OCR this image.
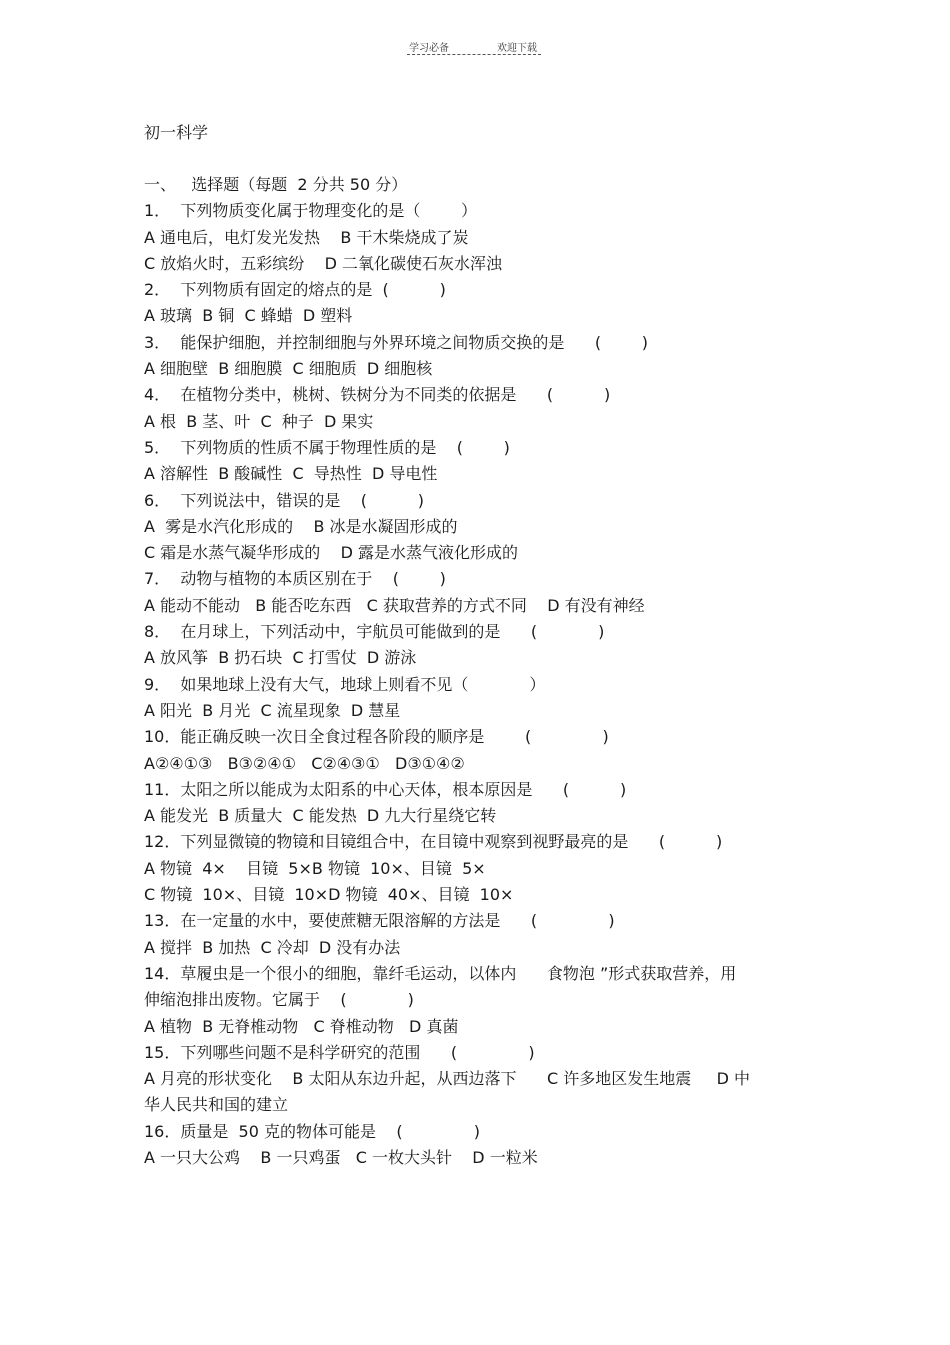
学习必备	欢迎下载
初一科学
一、   选择题（每题  2 分共 50 分）
1．  下列物质变化属于物理变化的是（        ）
A 通电后，电灯发光发热    B 干木柴烧成了炭
C 放焰火时，五彩缤纷    D 二氧化碳使石灰水浑浊
2．  下列物质有固定的熔点的是  (          )
A 玻璃  B 铜  C 蜂蜡  D 塑料
3．  能保护细胞，并控制细胞与外界环境之间物质交换的是      (        )
A 细胞壁  B 细胞膜  C 细胞质  D 细胞核
4．  在植物分类中，桃树、铁树分为不同类的依据是      (          )
A 根  B 茎、叶  C  种子  D 果实
5．  下列物质的性质不属于物理性质的是    (        )
A 溶解性  B 酸碱性  C  导热性  D 导电性
6．  下列说法中，错误的是    (          )
A  雾是水汽化形成的    B 冰是水凝固形成的
C 霜是水蒸气凝华形成的    D 露是水蒸气液化形成的
7．  动物与植物的本质区别在于    (        )
A 能动不能动   B 能否吃东西   C 获取营养的方式不同    D 有没有神经
8．  在月球上，下列活动中，宇航员可能做到的是      (            )
A 放风筝  B 扔石块  C 打雪仗  D 游泳
9．  如果地球上没有大气，地球上则看不见（            ）
A 阳光  B 月光  C 流星现象  D 慧星
10．能正确反映一次日全食过程各阶段的顺序是        (              )
A②④①③   B③②④①   C②④③①   D③①④②
11．太阳之所以能成为太阳系的中心天体，根本原因是      (          )
A 能发光  B 质量大  C 能发热  D 九大行星绕它转
12．下列显微镜的物镜和目镜组合中，在目镜中观察到视野最亮的是      (          )
A 物镜  4×    目镜  5×B 物镜  10×、目镜  5×
C 物镜  10×、目镜  10×D 物镜  40×、目镜  10×
13．在一定量的水中，要使蔗糖无限溶解的方法是      (              )
A 搅拌  B 加热  C 冷却  D 没有办法
14．草履虫是一个很小的细胞，靠纤毛运动，以体内      食物泡 ”形式获取营养，用
伸缩泡排出废物。它属于    (            )
A 植物  B 无脊椎动物   C 脊椎动物   D 真菌
15．下列哪些问题不是科学研究的范围      (              )
A 月亮的形状变化    B 太阳从东边升起，从西边落下      C 许多地区发生地震     D 中
华人民共和国的建立
16．质量是  50 克的物体可能是    (              )
A 一只大公鸡    B 一只鸡蛋   C 一枚大头针    D 一粒米
